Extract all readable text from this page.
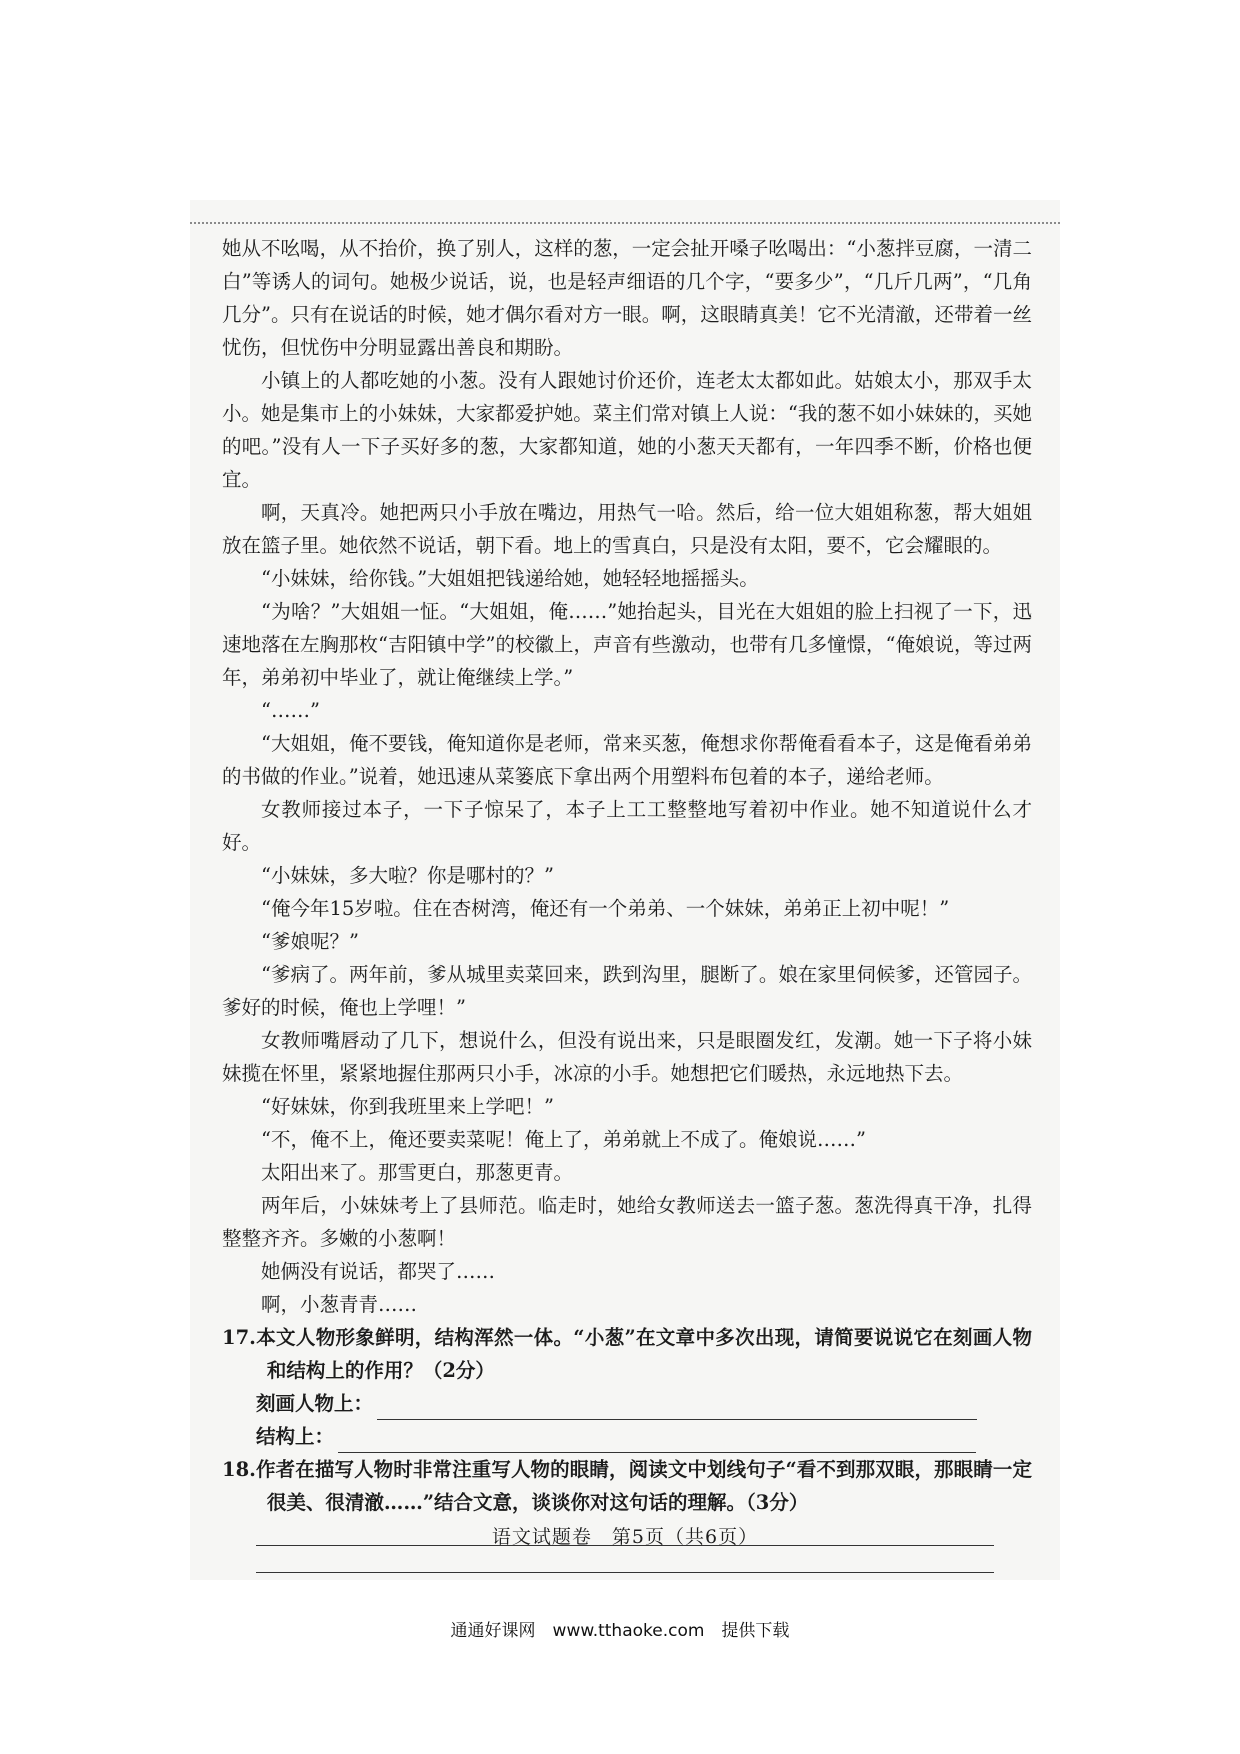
她从不吆喝，从不抬价，换了别人，这样的葱，一定会扯开嗓子吆喝出：“小葱拌豆腐，一清二白”等诱人的词句。她极少说话，说，也是轻声细语的几个字，“要多少”，“几斤几两”，“几角几分”。只有在说话的时候，她才偶尔看对方一眼。啊，这眼睛真美！它不光清澈，还带着一丝忧伤，但忧伤中分明显露出善良和期盼。

小镇上的人都吃她的小葱。没有人跟她讨价还价，连老太太都如此。姑娘太小，那双手太小。她是集市上的小妹妹，大家都爱护她。菜主们常对镇上人说：“我的葱不如小妹妹的，买她的吧。”没有人一下子买好多的葱，大家都知道，她的小葱天天都有，一年四季不断，价格也便宜。

啊，天真冷。她把两只小手放在嘴边，用热气一哈。然后，给一位大姐姐称葱，帮大姐姐放在篮子里。她依然不说话，朝下看。地上的雪真白，只是没有太阳，要不，它会耀眼的。

“小妹妹，给你钱。”大姐姐把钱递给她，她轻轻地摇摇头。

“为啥？”大姐姐一怔。“大姐姐，俺……”她抬起头，目光在大姐姐的脸上扫视了一下，迅速地落在左胸那枚“吉阳镇中学”的校徽上，声音有些激动，也带有几多憧憬，“俺娘说，等过两年，弟弟初中毕业了，就让俺继续上学。”

“……”

“大姐姐，俺不要钱，俺知道你是老师，常来买葱，俺想求你帮俺看看本子，这是俺看弟弟的书做的作业。”说着，她迅速从菜篓底下拿出两个用塑料布包着的本子，递给老师。

女教师接过本子，一下子惊呆了，本子上工工整整地写着初中作业。她不知道说什么才好。

“小妹妹，多大啦？你是哪村的？”

“俺今年15岁啦。住在杏树湾，俺还有一个弟弟、一个妹妹，弟弟正上初中呢！”

“爹娘呢？”

“爹病了。两年前，爹从城里卖菜回来，跌到沟里，腿断了。娘在家里伺候爹，还管园子。爹好的时候，俺也上学哩！”

女教师嘴唇动了几下，想说什么，但没有说出来，只是眼圈发红，发潮。她一下子将小妹妹揽在怀里，紧紧地握住那两只小手，冰凉的小手。她想把它们暖热，永远地热下去。

“好妹妹，你到我班里来上学吧！”

“不，俺不上，俺还要卖菜呢！俺上了，弟弟就上不成了。俺娘说……”

太阳出来了。那雪更白，那葱更青。

两年后，小妹妹考上了县师范。临走时，她给女教师送去一篮子葱。葱洗得真干净，扎得整整齐齐。多嫩的小葱啊！

她俩没有说话，都哭了……

啊，小葱青青……

17.本文人物形象鲜明，结构浑然一体。“小葱”在文章中多次出现，请简要说说它在刻画人物和结构上的作用？（2分）

刻画人物上：
结构上：

18.作者在描写人物时非常注重写人物的眼睛，阅读文中划线句子“看不到那双眼，那眼睛一定很美、很清澈……”结合文意，谈谈你对这句话的理解。（3分）

语文试题卷　第5页（共6页）
通通好课网　www.tthaoke.com　提供下载
